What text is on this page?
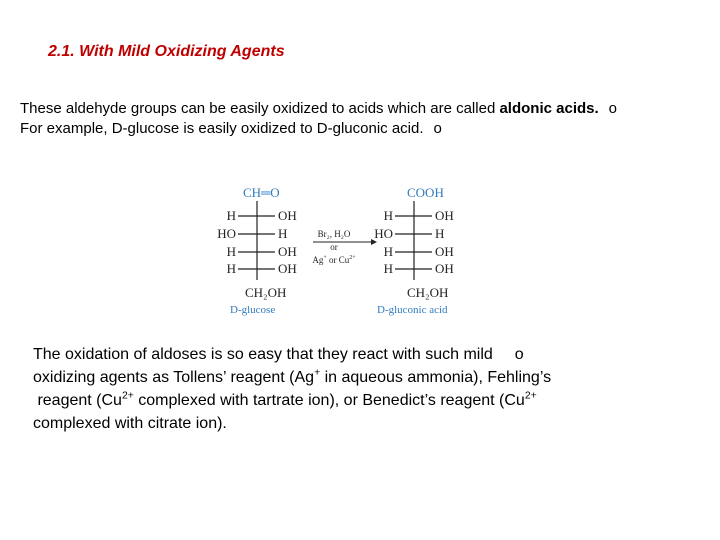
2.1. With Mild Oxidizing Agents
These aldehyde groups can be easily oxidized to acids which are called aldonic acids. o
For example, D-glucose is easily oxidized to D-gluconic acid. o
CH═O
H	OH
HO	H
H	OH
H	OH
CH₂OH
D-glucose
Br₂, H₂O
or
Ag+ or $Cu^{2+}$
COOH
H	OH
HO	H
H	OH
H	OH
CH₂OH
D-gluconic acid
The oxidation of aldoses is so easy that they react with such mild o
oxidizing agents as Tollens’ reagent (Ag+ in aqueous ammonia), Fehling’s
reagent ($Cu^{2+}$ complexed with tartrate ion), or Benedict’s reagent ($Cu^{2+}$
complexed with citrate ion).
